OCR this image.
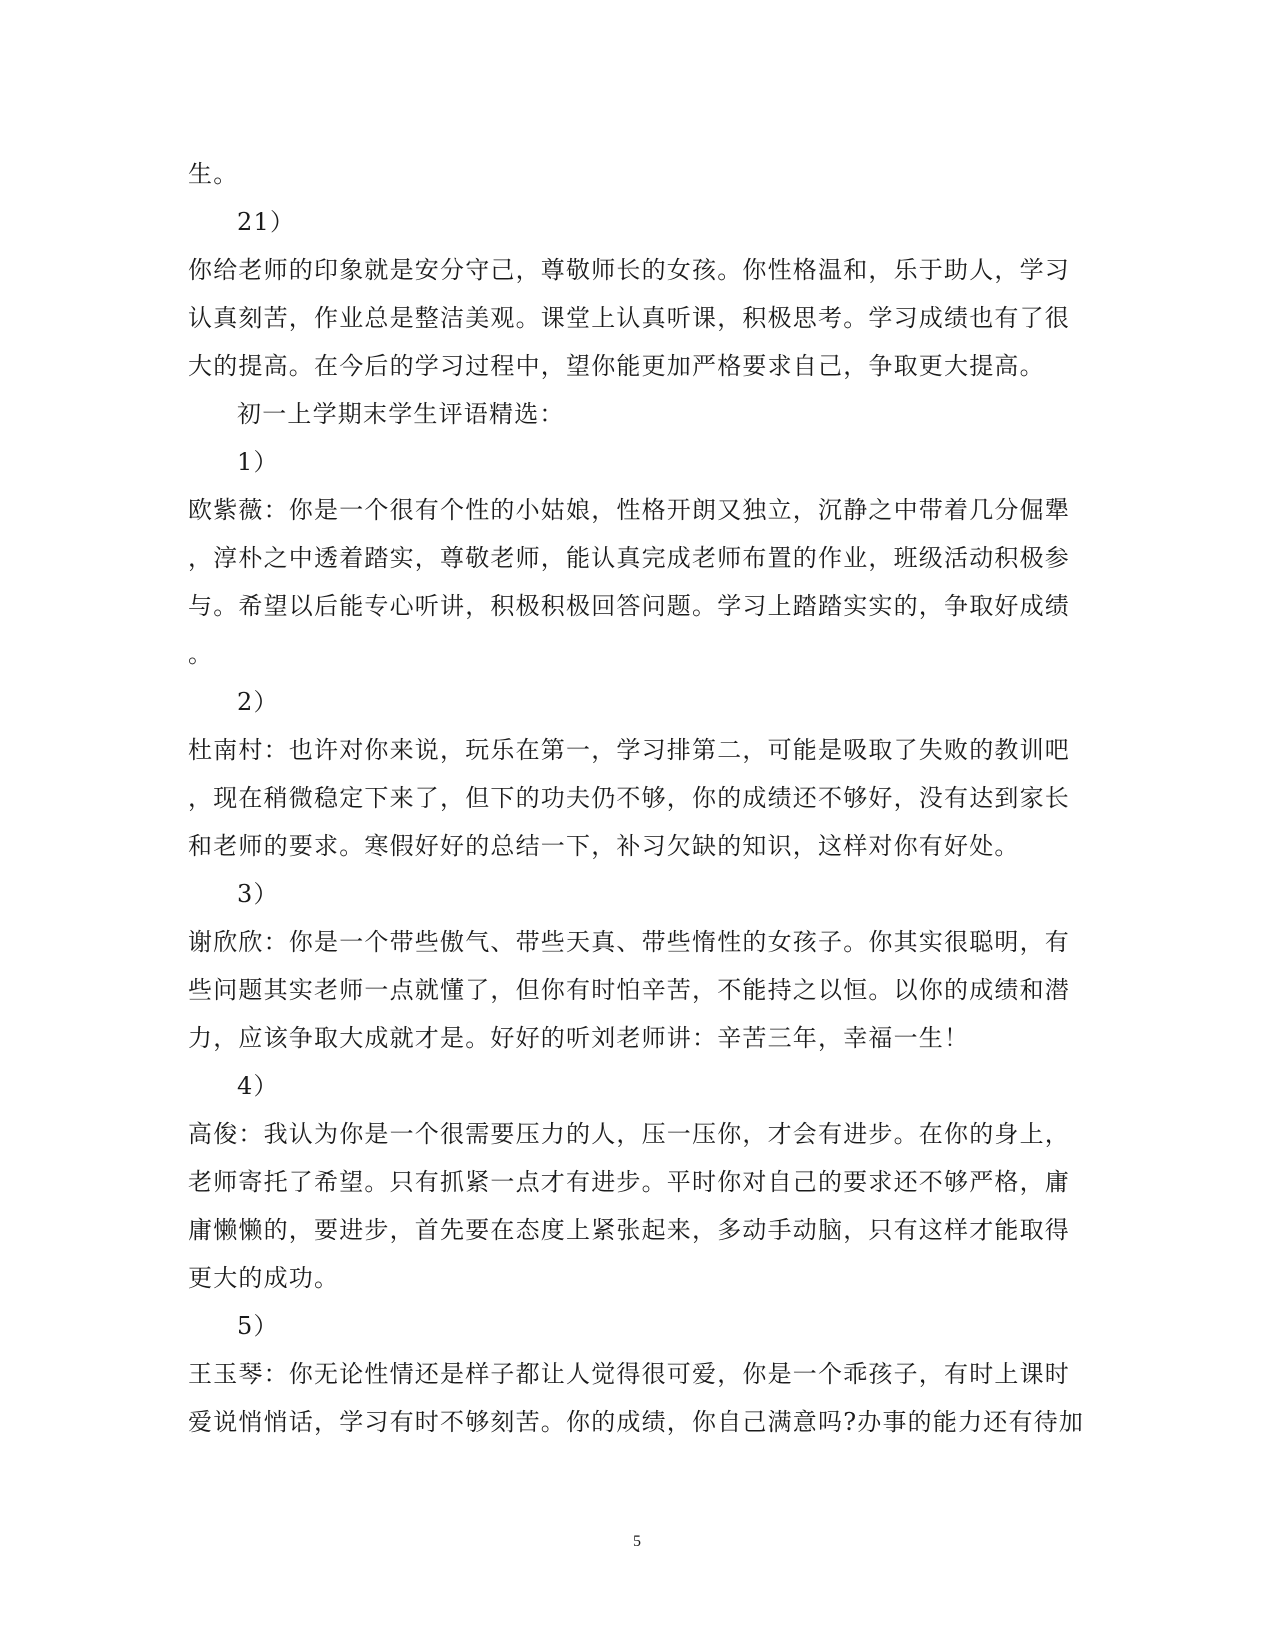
生。
21）
你给老师的印象就是安分守己，尊敬师长的女孩。你性格温和，乐于助人，学习
认真刻苦，作业总是整洁美观。课堂上认真听课，积极思考。学习成绩也有了很
大的提高。在今后的学习过程中，望你能更加严格要求自己，争取更大提高。
初一上学期末学生评语精选：
1）
欧紫薇：你是一个很有个性的小姑娘，性格开朗又独立，沉静之中带着几分倔犟
，淳朴之中透着踏实，尊敬老师，能认真完成老师布置的作业，班级活动积极参
与。希望以后能专心听讲，积极积极回答问题。学习上踏踏实实的，争取好成绩
。
2）
杜南村：也许对你来说，玩乐在第一，学习排第二，可能是吸取了失败的教训吧
，现在稍微稳定下来了，但下的功夫仍不够，你的成绩还不够好，没有达到家长
和老师的要求。寒假好好的总结一下，补习欠缺的知识，这样对你有好处。
3）
谢欣欣：你是一个带些傲气、带些天真、带些惰性的女孩子。你其实很聪明，有
些问题其实老师一点就懂了，但你有时怕辛苦，不能持之以恒。以你的成绩和潜
力，应该争取大成就才是。好好的听刘老师讲：辛苦三年，幸福一生！
4）
高俊：我认为你是一个很需要压力的人，压一压你，才会有进步。在你的身上，
老师寄托了希望。只有抓紧一点才有进步。平时你对自己的要求还不够严格，庸
庸懒懒的，要进步，首先要在态度上紧张起来，多动手动脑，只有这样才能取得
更大的成功。
5）
王玉琴：你无论性情还是样子都让人觉得很可爱，你是一个乖孩子，有时上课时
爱说悄悄话，学习有时不够刻苦。你的成绩，你自己满意吗?办事的能力还有待加
5
